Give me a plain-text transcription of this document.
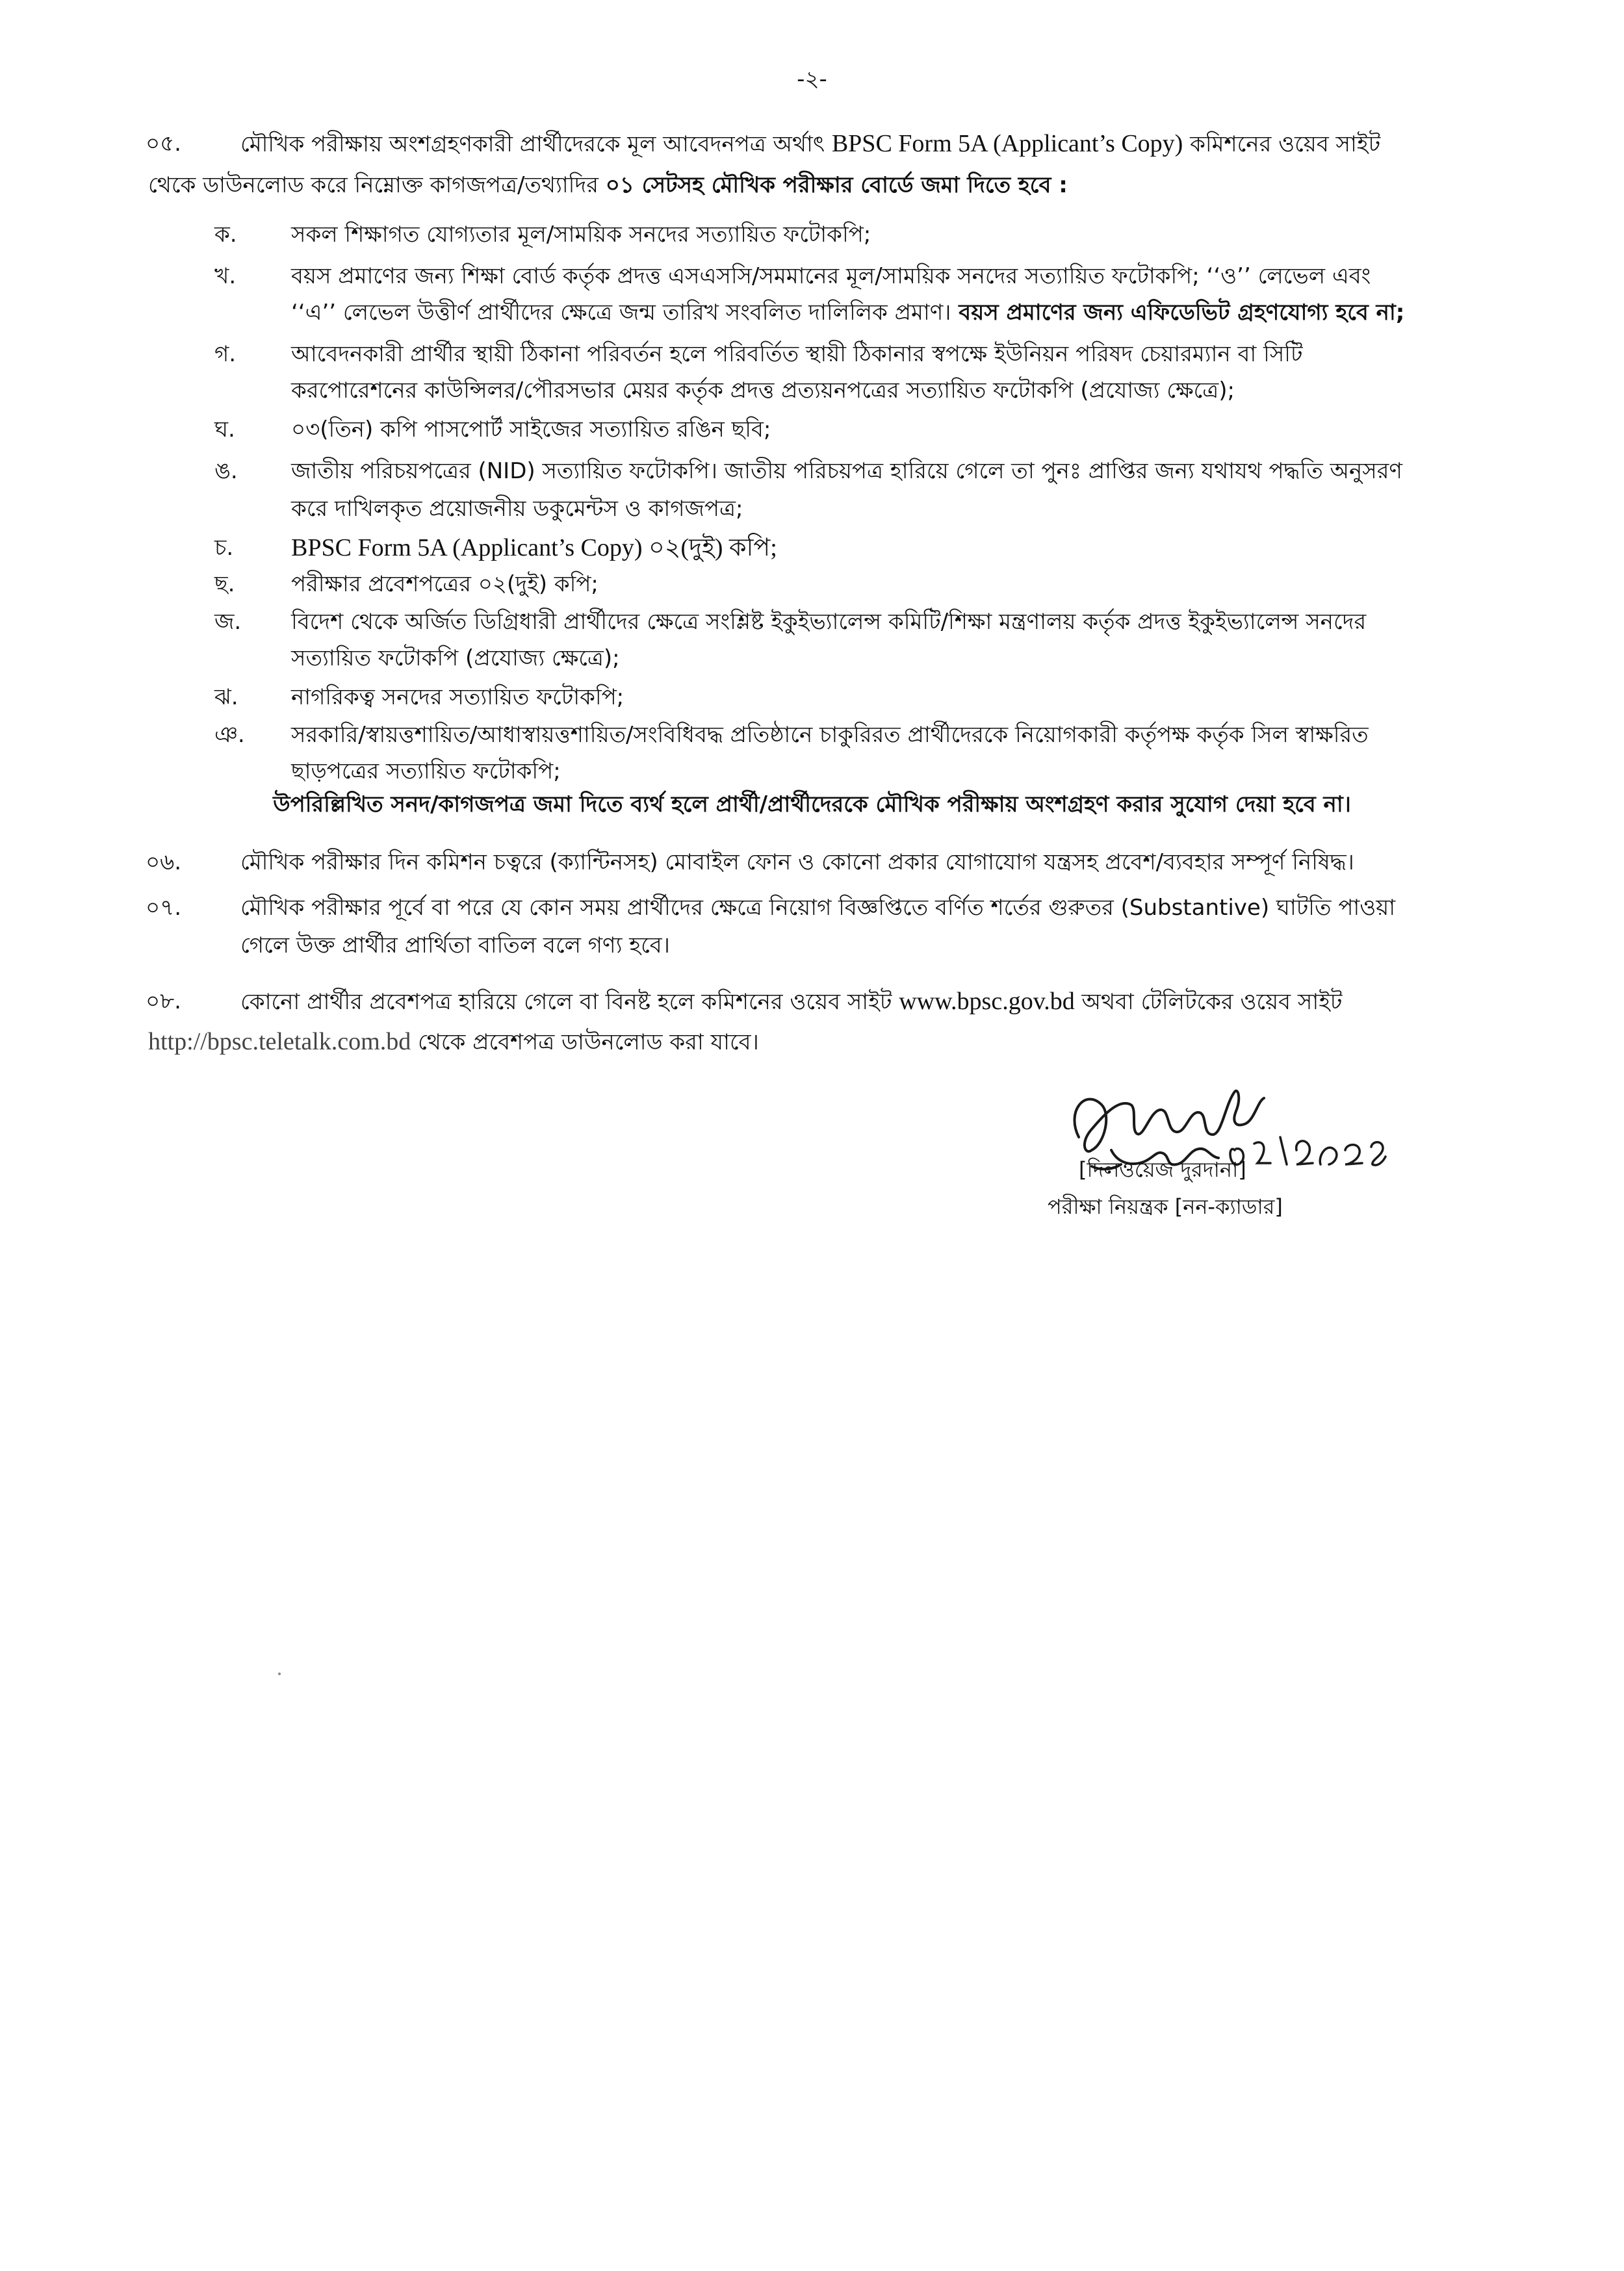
-২-
০৫.	মৌখিক পরীক্ষায় অংশগ্রহণকারী প্রার্থীদেরকে মূল আবেদনপত্র অর্থাৎ BPSC Form 5A (Applicant’s Copy) কমিশনের ওয়েব সাইট
থেকে ডাউনলোড করে নিম্নোক্ত কাগজপত্র/তথ্যাদির ০১ সেটসহ মৌখিক পরীক্ষার বোর্ডে জমা দিতে হবে :
ক. সকল শিক্ষাগত যোগ্যতার মূল/সাময়িক সনদের সত্যায়িত ফটোকপি;
খ. বয়স প্রমাণের জন্য শিক্ষা বোর্ড কর্তৃক প্রদত্ত এসএসসি/সমমানের মূল/সাময়িক সনদের সত্যায়িত ফটোকপি; ‘‘ও’’ লেভেল এবং
‘‘এ’’ লেভেল উত্তীর্ণ প্রার্থীদের ক্ষেত্রে জন্ম তারিখ সংবলিত দালিলিক প্রমাণ। বয়স প্রমাণের জন্য এফিডেভিট গ্রহণযোগ্য হবে না;
গ. আবেদনকারী প্রার্থীর স্থায়ী ঠিকানা পরিবর্তন হলে পরিবর্তিত স্থায়ী ঠিকানার স্বপক্ষে ইউনিয়ন পরিষদ চেয়ারম্যান বা সিটি
করপোরেশনের কাউন্সিলর/পৌরসভার মেয়র কর্তৃক প্রদত্ত প্রত্যয়নপত্রের সত্যায়িত ফটোকপি (প্রযোজ্য ক্ষেত্রে);
ঘ.	০৩(তিন) কপি পাসপোর্ট সাইজের সত্যায়িত রঙিন ছবি;
ঙ. জাতীয় পরিচয়পত্রের (NID) সত্যায়িত ফটোকপি। জাতীয় পরিচয়পত্র হারিয়ে গেলে তা পুনঃ প্রাপ্তির জন্য যথাযথ পদ্ধতি অনুসরণ
করে দাখিলকৃত প্রয়োজনীয় ডকুমেন্টস ও কাগজপত্র;
চ. BPSC Form 5A (Applicant’s Copy) ০২(দুই) কপি;
ছ.	পরীক্ষার প্রবেশপত্রের ০২(দুই) কপি;
জ. বিদেশ থেকে অর্জিত ডিগ্রিধারী প্রার্থীদের ক্ষেত্রে সংশ্লিষ্ট ইকুইভ্যালেন্স কমিটি/শিক্ষা মন্ত্রণালয় কর্তৃক প্রদত্ত ইকুইভ্যালেন্স সনদের
সত্যায়িত ফটোকপি (প্রযোজ্য ক্ষেত্রে);
ঝ. নাগরিকত্ব সনদের সত্যায়িত ফটোকপি;
ঞ. সরকারি/স্বায়ত্তশায়িত/আধাস্বায়ত্তশায়িত/সংবিধিবদ্ধ প্রতিষ্ঠানে চাকুরিরত প্রার্থীদেরকে নিয়োগকারী কর্তৃপক্ষ কর্তৃক সিল স্বাক্ষরিত
ছাড়পত্রের সত্যায়িত ফটোকপি;
উপরিল্লিখিত সনদ/কাগজপত্র জমা দিতে ব্যর্থ হলে প্রার্থী/প্রার্থীদেরকে মৌখিক পরীক্ষায় অংশগ্রহণ করার সুযোগ দেয়া হবে না।
০৬.	মৌখিক পরীক্ষার দিন কমিশন চত্বরে (ক্যান্টিনসহ) মোবাইল ফোন ও কোনো প্রকার যোগাযোগ যন্ত্রসহ প্রবেশ/ব্যবহার সম্পূর্ণ নিষিদ্ধ।
০৭.	মৌখিক পরীক্ষার পূর্বে বা পরে যে কোন সময় প্রার্থীদের ক্ষেত্রে নিয়োগ বিজ্ঞপ্তিতে বর্ণিত শর্তের গুরুতর (Substantive) ঘাটতি পাওয়া
গেলে উক্ত প্রার্থীর প্রার্থিতা বাতিল বলে গণ্য হবে।
০৮.	কোনো প্রার্থীর প্রবেশপত্র হারিয়ে গেলে বা বিনষ্ট হলে কমিশনের ওয়েব সাইট www.bpsc.gov.bd অথবা টেলিটকের ওয়েব সাইট
http://bpsc.teletalk.com.bd থেকে প্রবেশপত্র ডাউনলোড করা যাবে।
[দিলওয়েজ দুরদানা]
পরীক্ষা নিয়ন্ত্রক [নন-ক্যাডার]
